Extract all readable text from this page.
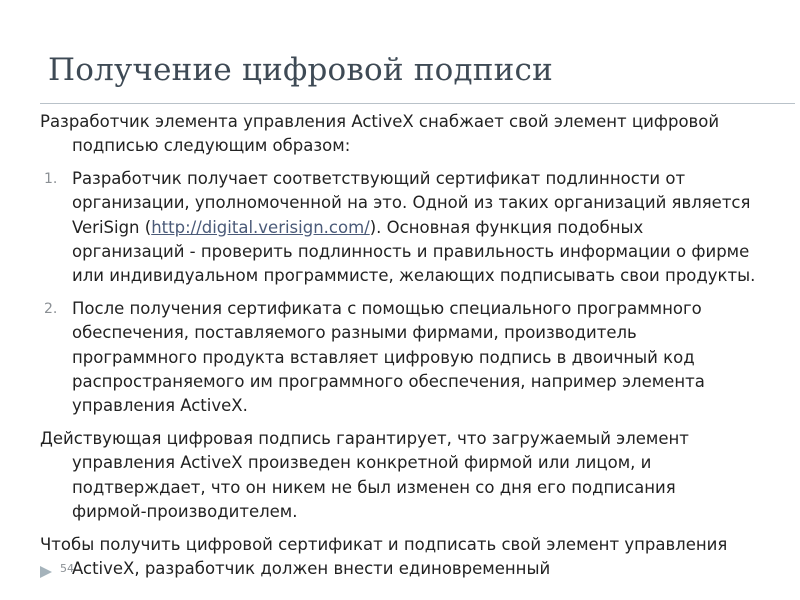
Получение цифровой подписи

Разработчик элемента управления ActiveX снабжает свой элемент цифровой подписью следующим образом:

1. Разработчик получает соответствующий сертификат подлинности от организации, уполномоченной на это. Одной из таких организаций является VeriSign (http://digital.verisign.com/). Основная функция подобных организаций - проверить подлинность и правильность информации о фирме или индивидуальном программисте, желающих подписывать свои продукты.
2. После получения сертификата с помощью специального программного обеспечения, поставляемого разными фирмами, производитель программного продукта вставляет цифровую подпись в двоичный код распространяемого им программного обеспечения, например элемента управления ActiveX.

Действующая цифровая подпись гарантирует, что загружаемый элемент управления ActiveX произведен конкретной фирмой или лицом, и подтверждает, что он никем не был изменен со дня его подписания фирмой-производителем.

Чтобы получить цифровой сертификат и подписать свой элемент управления ActiveX, разработчик должен внести единовременный

54
